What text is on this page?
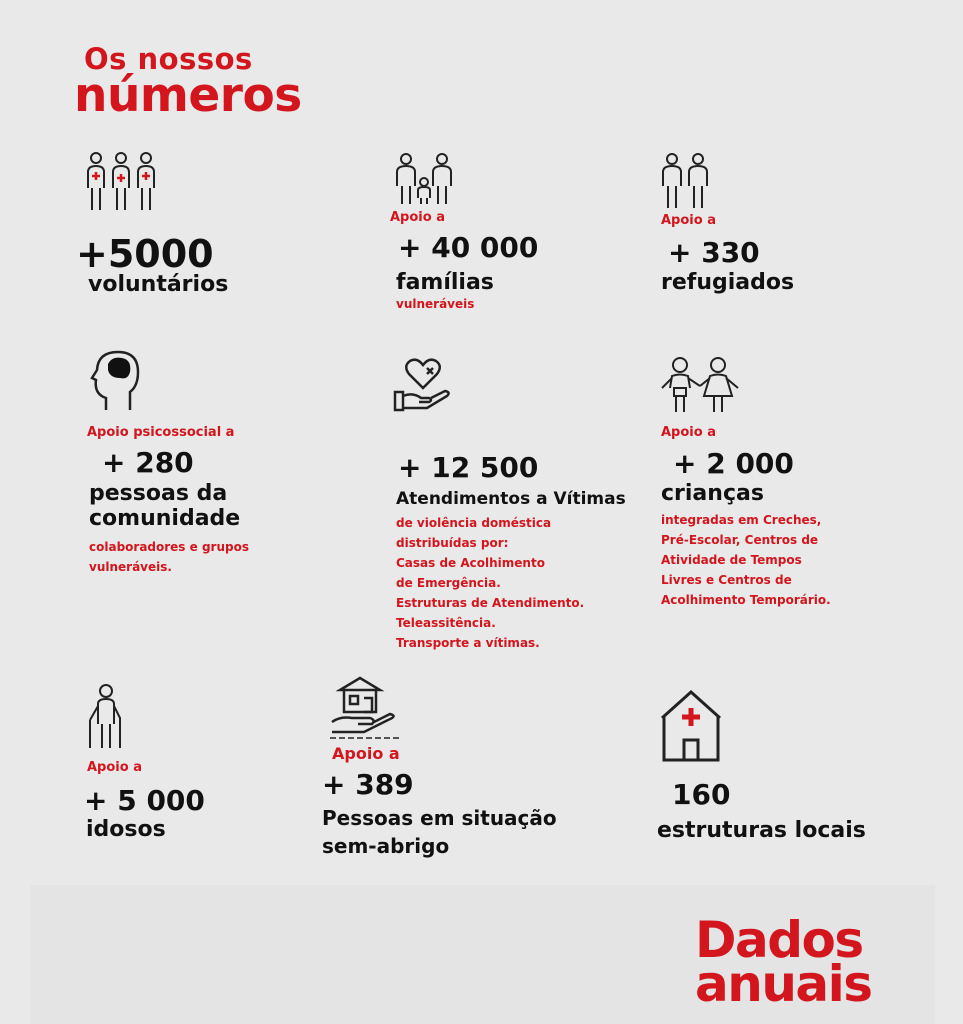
Os nossos
números
+5000
voluntários
Apoio a
+ 40 000
famílias
vulneráveis
Apoio a
+ 330
refugiados
Apoio psicossocial a
+ 280
pessoas da
comunidade
colaboradores e grupos
vulneráveis.
+ 12 500
Atendimentos a Vítimas
de violência doméstica
distribuídas por:
Casas de Acolhimento
de Emergência.
Estruturas de Atendimento.
Teleassitência.
Transporte a vítimas.
Apoio a
+ 2 000
crianças
integradas em Creches,
Pré-Escolar, Centros de
Atividade de Tempos
Livres e Centros de
Acolhimento Temporário.
Apoio a
+ 5 000
idosos
Apoio a
+ 389
Pessoas em situação
sem-abrigo
160
estruturas locais
Dados
anuais
